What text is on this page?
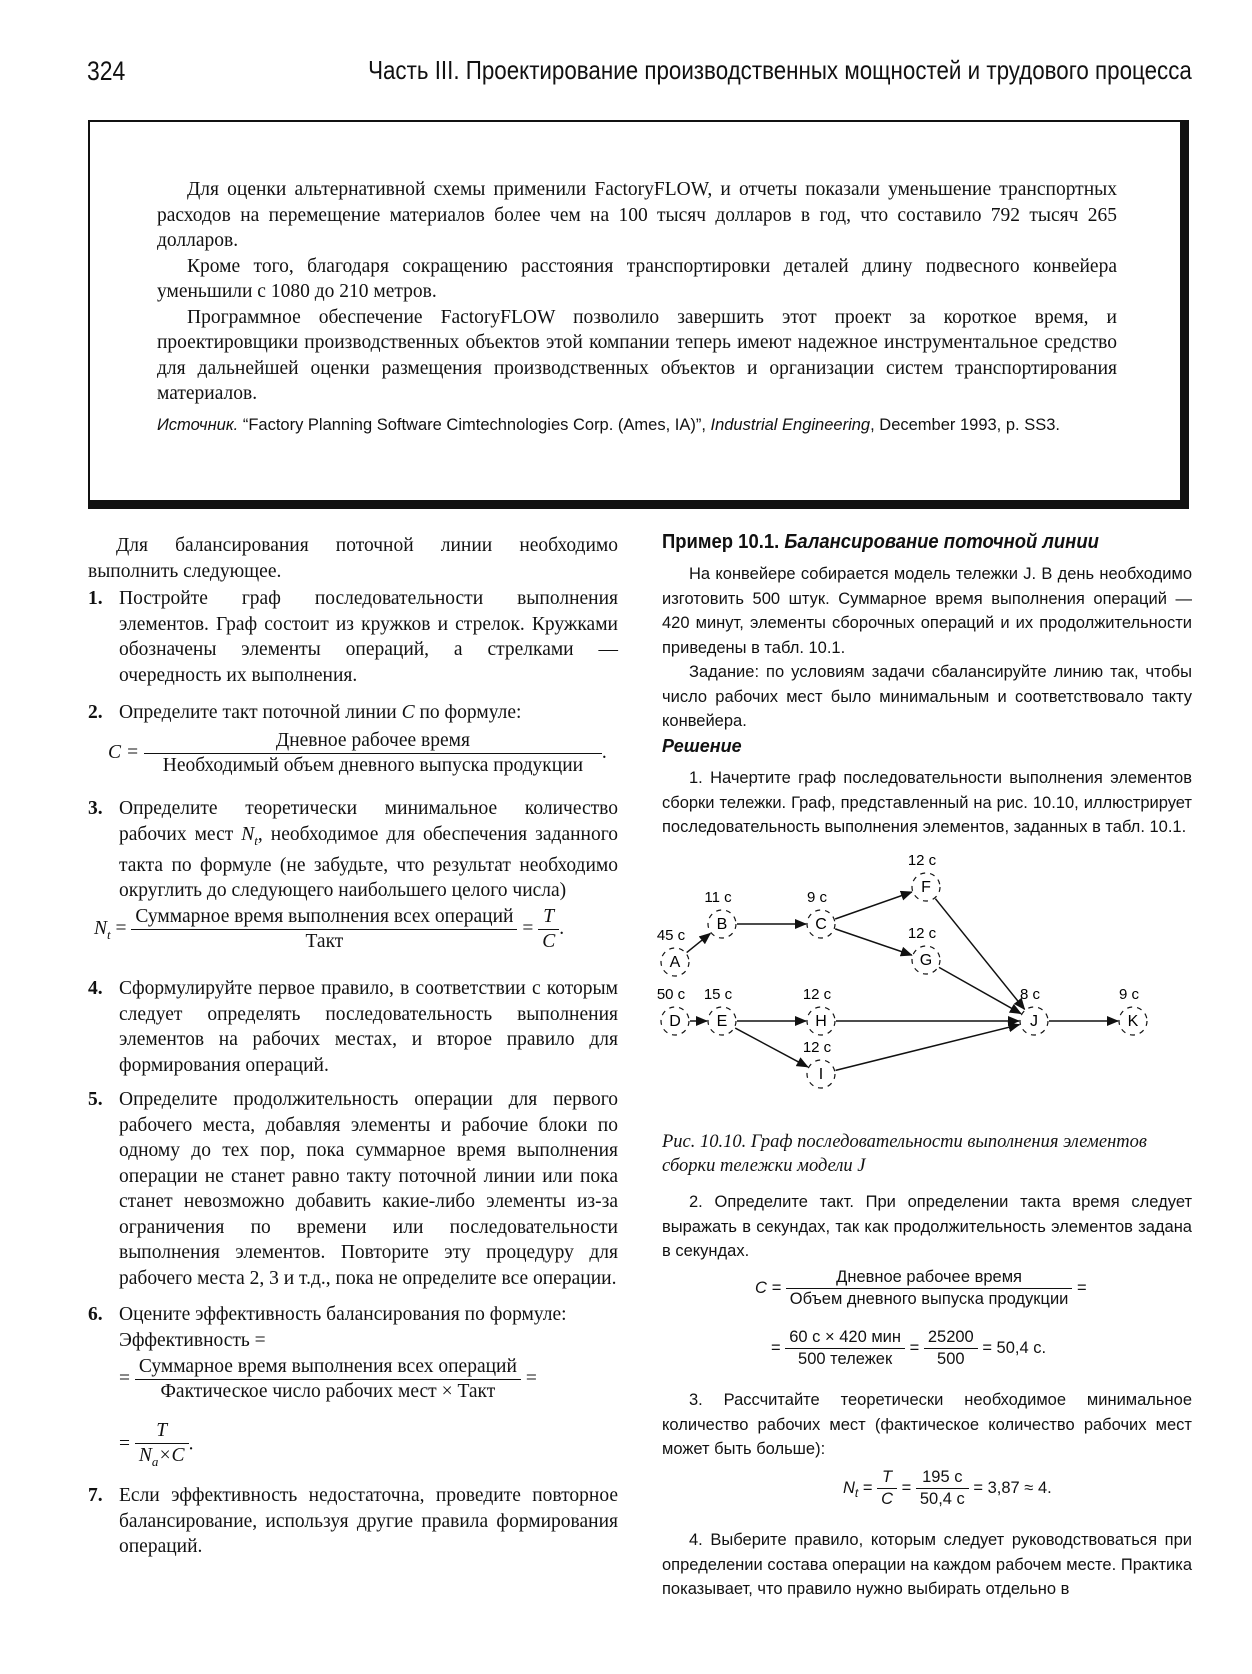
324	Часть III. Проектирование производственных мощностей и трудового процесса

Для оценки альтернативной схемы применили FactoryFLOW, и отчеты показали уменьшение транспортных расходов на перемещение материалов более чем на 100 тысяч долларов в год, что составило 792 тысяч 265 долларов.

Кроме того, благодаря сокращению расстояния транспортировки деталей длину подвесного конвейера уменьшили с 1080 до 210 метров.

Программное обеспечение FactoryFLOW позволило завершить этот проект за короткое время, и проектировщики производственных объектов этой компании теперь имеют надежное инструментальное средство для дальнейшей оценки размещения производственных объектов и организации систем транспортирования материалов.

Источник. “Factory Planning Software Cimtechnologies Corp. (Ames, IA)”, Industrial Engineering, December 1993, p. SS3.

Для балансирования поточной линии необходимо выполнить следующее.

1. Постройте граф последовательности выполнения элементов. Граф состоит из кружков и стрелок. Кружками обозначены элементы операций, а стрелками — очередность их выполнения.
2. Определите такт поточной линии C по формуле:
$C = \frac{\text{Дневное рабочее время}}{\text{Необходимый объем дневного выпуска продукции}}$ .
3. Определите теоретически минимальное количество рабочих мест $N_t$, необходимое для обеспечения заданного такта по формуле (не забудьте, что результат необходимо округлить до следующего наибольшего целого числа)
$N_t = \frac{\text{Суммарное время выполнения всех операций}}{\text{Такт}} = \frac{T}{C}$ .
4. Сформулируйте первое правило, в соответствии с которым следует определять последовательность выполнения элементов на рабочих местах, и второе правило для формирования операций.
5. Определите продолжительность операции для первого рабочего места, добавляя элементы и рабочие блоки по одному до тех пор, пока суммарное время выполнения операции не станет равно такту поточной линии или пока станет невозможно добавить какие-либо элементы из-за ограничения по времени или последовательности выполнения элементов. Повторите эту процедуру для рабочего места 2, 3 и т.д., пока не определите все операции.
6. Оцените эффективность балансирования по формуле:
Эффективность =
= $\frac{\text{Суммарное время выполнения всех операций}}{\text{Фактическое число рабочих мест × Такт}}$ =
= $\frac{T}{N_a\times C}$ .
7. Если эффективность недостаточна, проведите повторное балансирование, используя другие правила формирования операций.
Пример 10.1. Балансирование поточной линии

На конвейере собирается модель тележки J. В день необходимо изготовить 500 штук. Суммарное время выполнения операций — 420 минут, элементы сборочных операций и их продолжительности приведены в табл. 10.1.

Задание: по условиям задачи сбалансируйте линию так, чтобы число рабочих мест было минимальным и соответствовало такту конвейера.

Решение

1. Начертите граф последовательности выполнения элементов сборки тележки. Граф, представленный на рис. 10.10, иллюстрирует последовательность выполнения элементов, заданных в табл. 10.1.

A
45 с
B
11 с
C
9 с
F
12 с
G
12 с
D
50 с
E
15 с
H
12 с
I
12 с
J
8 с
K
9 с
Рис. 10.10. Граф последовательности выполнения элементов сборки тележки модели J

2. Определите такт. При определении такта время следует выражать в секундах, так как продолжительность элементов задана в секундах.

$C = \frac{\text{Дневное рабочее время}}{\text{Объем дневного выпуска продукции}}$ =
= $\frac{\text{60 с × 420 мин}}{\text{500 тележек}} = \frac{25200}{500} = 50,4$ с.

3. Рассчитайте теоретически необходимое минимальное количество рабочих мест (фактическое количество рабочих мест может быть больше):

$N_t = \frac{T}{C} = \frac{195 с}{50,4 с} = 3,87 \approx 4$.

4. Выберите правило, которым следует руководствоваться при определении состава операции на каждом рабочем месте. Практика показывает, что правило нужно выбирать отдельно в
